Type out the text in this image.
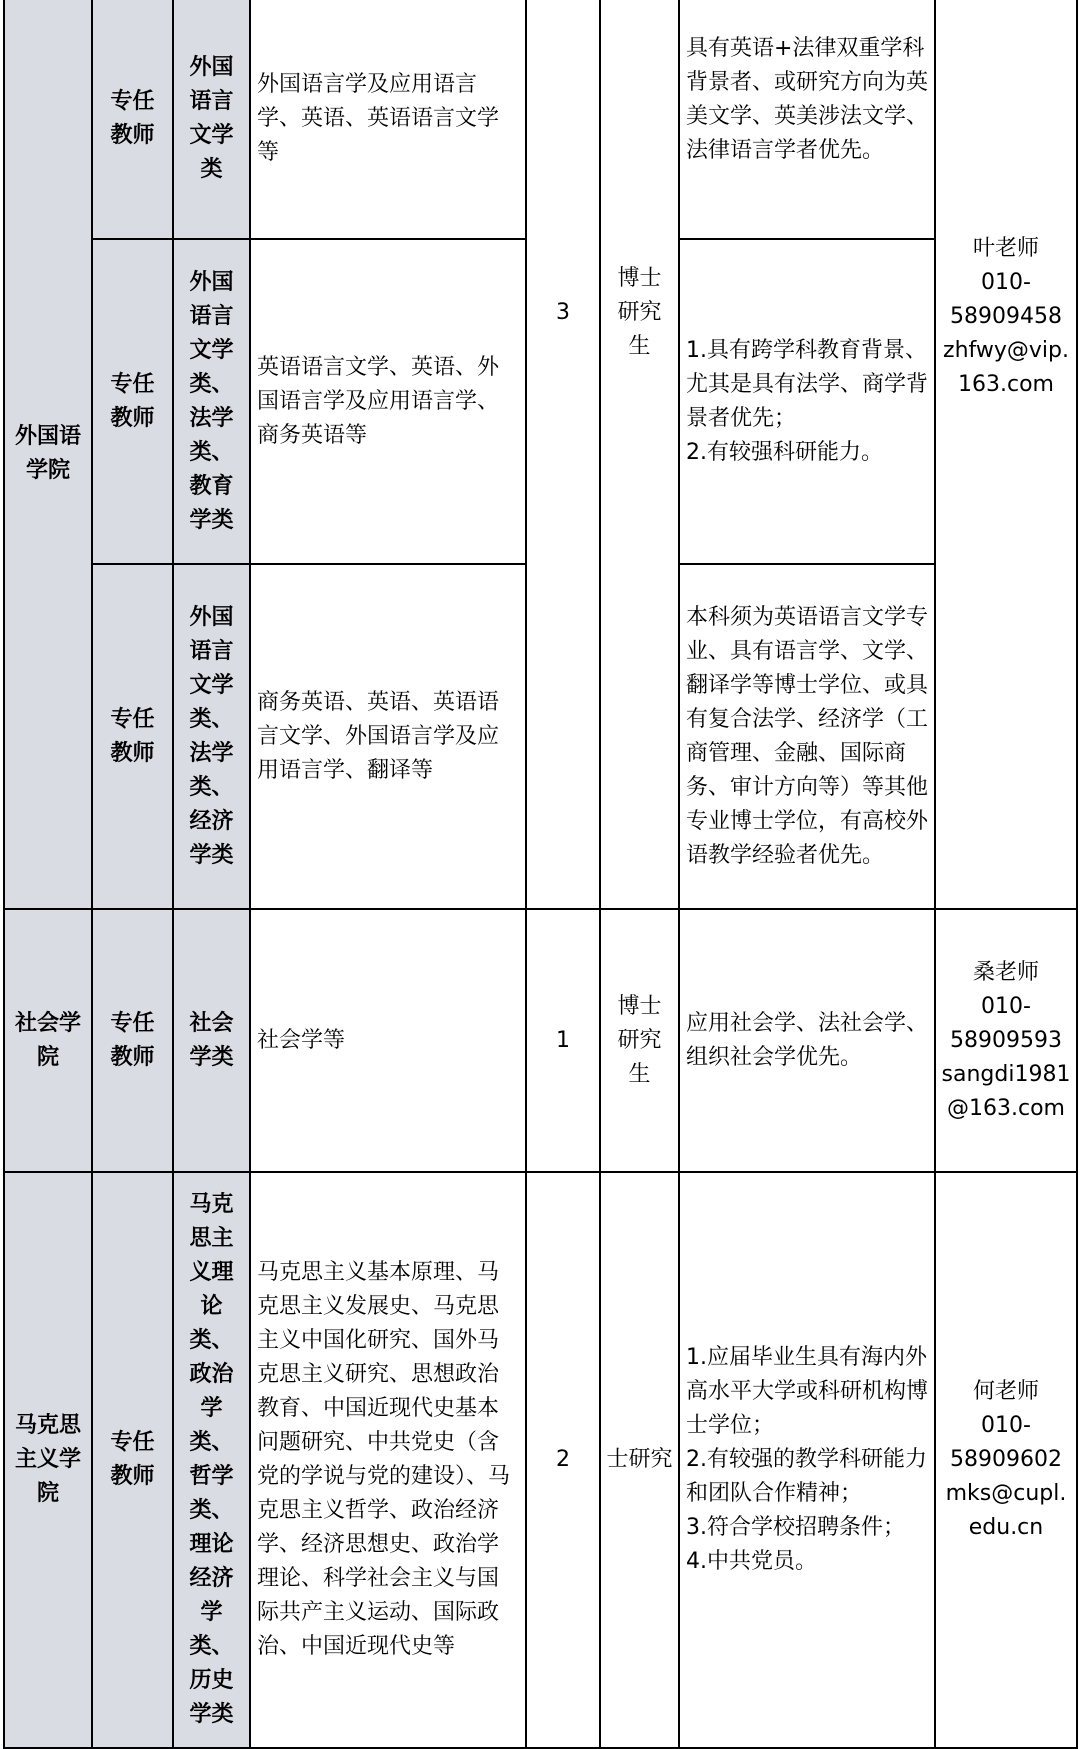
外国语学院	专任教师	外国语言文学类	外国语言学及应用语言学、英语、英语语言文学等	3	博士研究生	具有英语+法律双重学科背景者、或研究方向为英美文学、英美涉法文学、法律语言学者优先。	叶老师
010-
58909458
zhfwy@vip.
163.com

	专任教师	外国语言文学类、法学类、教育学类	英语语言文学、英语、外国语言学及应用语言学、商务英语等			1.具有跨学科教育背景、尤其是具有法学、商学背景者优先；
2.有较强科研能力。	

	专任教师	外国语言文学类、法学类、经济学类	商务英语、英语、英语语言文学、外国语言学及应用语言学、翻译等			本科须为英语语言文学专业、具有语言学、文学、翻译学等博士学位、或具有复合法学、经济学（工商管理、金融、国际商务、审计方向等）等其他专业博士学位，有高校外语教学经验者优先。	

社会学院	专任教师	社会学类	社会学等	1	博士研究生	应用社会学、法社会学、组织社会学优先。	桑老师
010-
58909593
sangdi1981
@163.com

马克思主义学院	专任教师	马克思主义理论类、政治学类、哲学类、理论经济学类、历史学类	马克思主义基本原理、马克思主义发展史、马克思主义中国化研究、国外马克思主义研究、思想政治教育、中国近现代史基本问题研究、中共党史（含党的学说与党的建设）、马克思主义哲学、政治经济学、经济思想史、政治学理论、科学社会主义与国际共产主义运动、国际政治、中国近现代史等	2	士研究	1.应届毕业生具有海内外高水平大学或科研机构博士学位；
2.有较强的教学科研能力和团队合作精神；
3.符合学校招聘条件；
4.中共党员。	何老师
010-
58909602
mks@cupl.
edu.cn
